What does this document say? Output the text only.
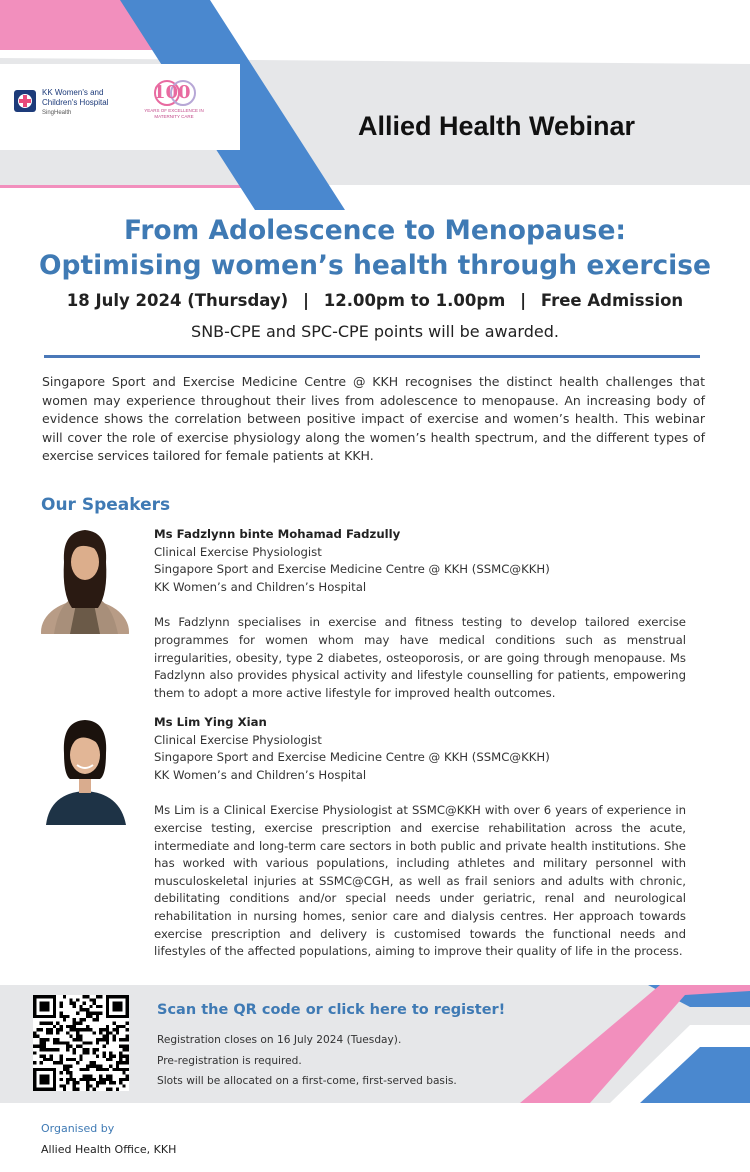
KK Women's and Children's Hospital
SingHealth
100
YEARS OF EXCELLENCE IN MATERNITY CARE	Allied Health Webinar
From Adolescence to Menopause:
Optimising women’s health through exercise
18 July 2024 (Thursday) | 12.00pm to 1.00pm | Free Admission
SNB-CPE and SPC-CPE points will be awarded.
Singapore Sport and Exercise Medicine Centre @ KKH recognises the distinct health challenges that women may experience throughout their lives from adolescence to menopause. An increasing body of evidence shows the correlation between positive impact of exercise and women’s health. This webinar will cover the role of exercise physiology along the women’s health spectrum, and the different types of exercise services tailored for female patients at KKH.
Our Speakers
Ms Fadzlynn binte Mohamad Fadzully
Clinical Exercise Physiologist
Singapore Sport and Exercise Medicine Centre @ KKH (SSMC@KKH)
KK Women’s and Children’s Hospital
Ms Fadzlynn specialises in exercise and fitness testing to develop tailored exercise programmes for women whom may have medical conditions such as menstrual irregularities, obesity, type 2 diabetes, osteoporosis, or are going through menopause. Ms Fadzlynn also provides physical activity and lifestyle counselling for patients, empowering them to adopt a more active lifestyle for improved health outcomes.
Ms Lim Ying Xian
Clinical Exercise Physiologist
Singapore Sport and Exercise Medicine Centre @ KKH (SSMC@KKH)
KK Women’s and Children’s Hospital
Ms Lim is a Clinical Exercise Physiologist at SSMC@KKH with over 6 years of experience in exercise testing, exercise prescription and exercise rehabilitation across the acute, intermediate and long-term care sectors in both public and private health institutions. She has worked with various populations, including athletes and military personnel with musculoskeletal injuries at SSMC@CGH, as well as frail seniors and adults with chronic, debilitating conditions and/or special needs under geriatric, renal and neurological rehabilitation in nursing homes, senior care and dialysis centres. Her approach towards exercise prescription and delivery is customised towards the functional needs and lifestyles of the affected populations, aiming to improve their quality of life in the process.
Scan the QR code or click here to register!
Registration closes on 16 July 2024 (Tuesday).
Pre-registration is required.
Slots will be allocated on a first-come, first-served basis.
Organised by
Allied Health Office, KKH
